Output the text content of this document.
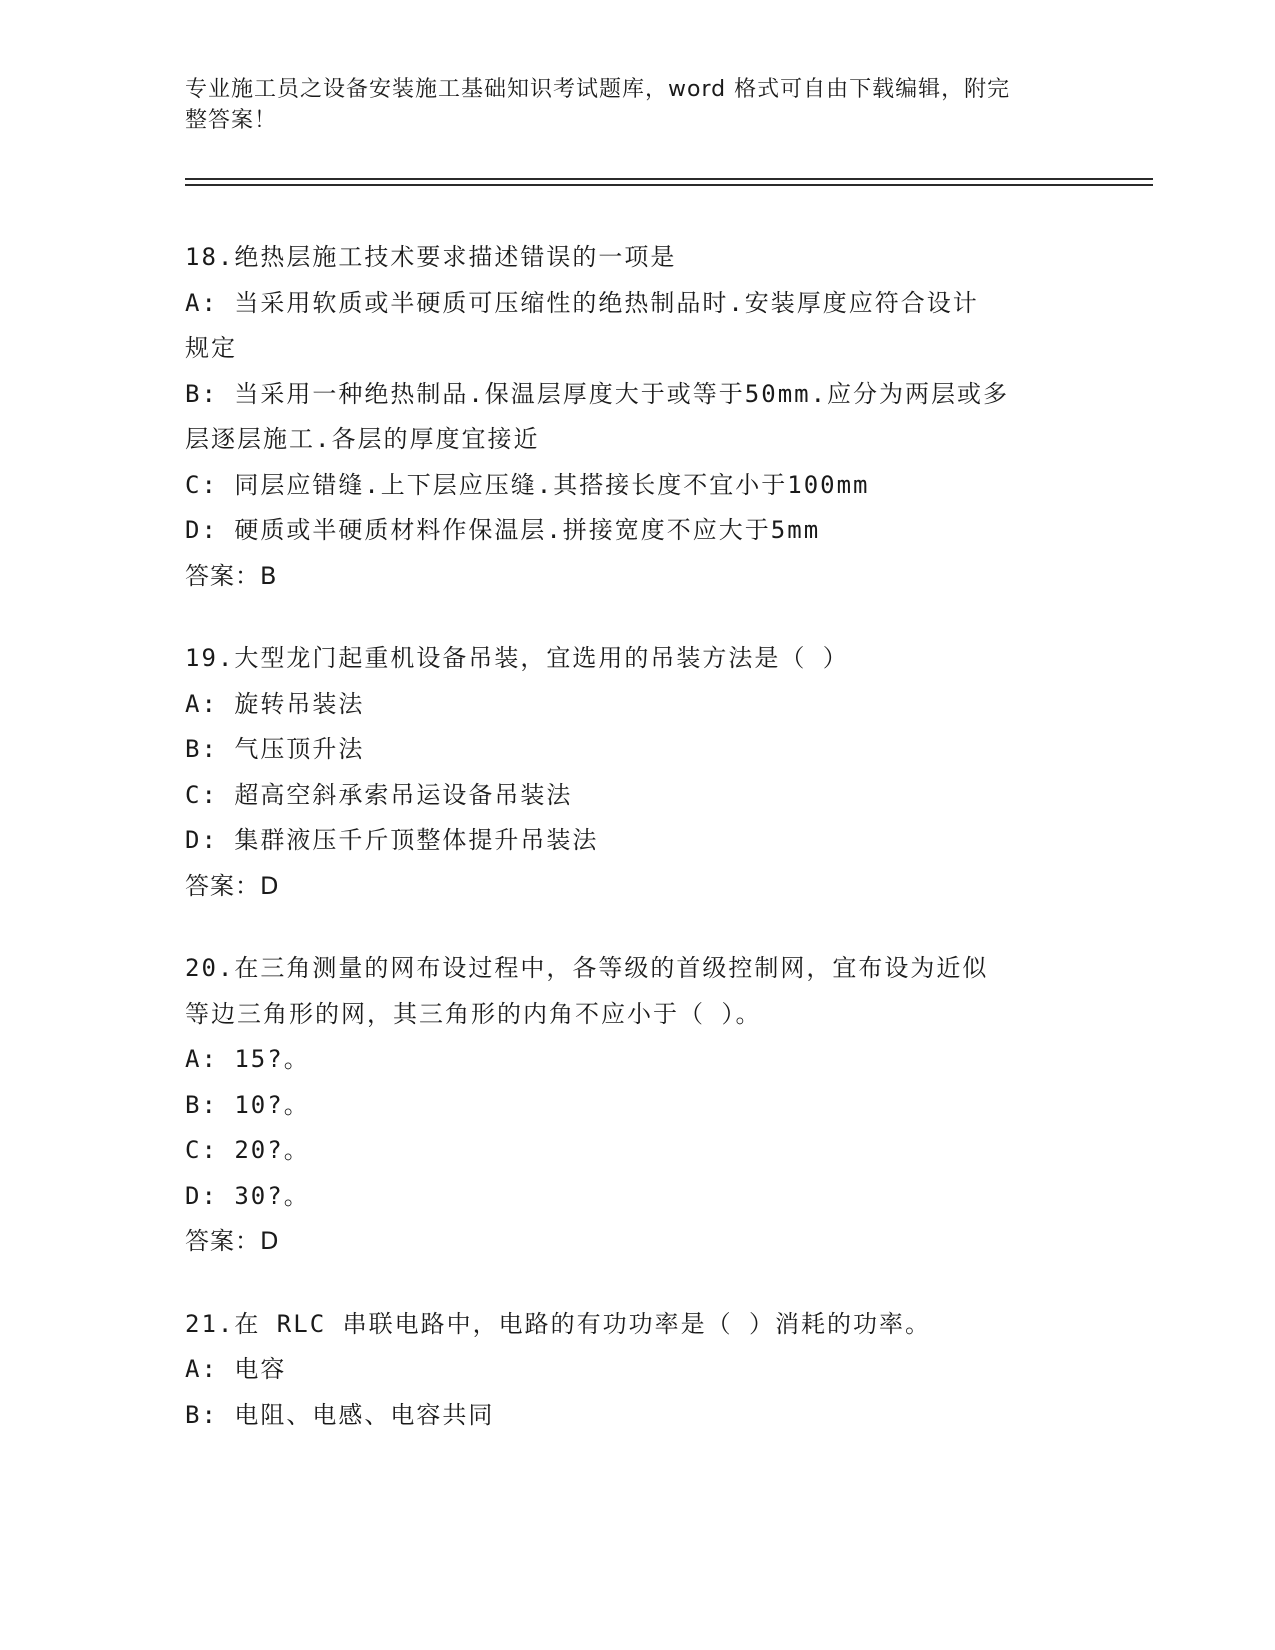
专业施工员之设备安装施工基础知识考试题库，word 格式可自由下载编辑，附完
整答案！

18.绝热层施工技术要求描述错误的一项是

A: 当采用软质或半硬质可压缩性的绝热制品时.安装厚度应符合设计

规定

B: 当采用一种绝热制品.保温层厚度大于或等于50mm.应分为两层或多

层逐层施工.各层的厚度宜接近

C: 同层应错缝.上下层应压缝.其搭接长度不宜小于100mm

D: 硬质或半硬质材料作保温层.拼接宽度不应大于5mm

答案：B

19.大型龙门起重机设备吊装，宜选用的吊装方法是（ ）

A: 旋转吊装法

B: 气压顶升法

C: 超高空斜承索吊运设备吊装法

D: 集群液压千斤顶整体提升吊装法

答案：D

20.在三角测量的网布设过程中，各等级的首级控制网，宜布设为近似

等边三角形的网，其三角形的内角不应小于（ ）。

A: 15?。

B: 10?。

C: 20?。

D: 30?。

答案：D

21.在 RLC 串联电路中，电路的有功功率是（ ）消耗的功率。

A: 电容

B: 电阻、电感、电容共同
